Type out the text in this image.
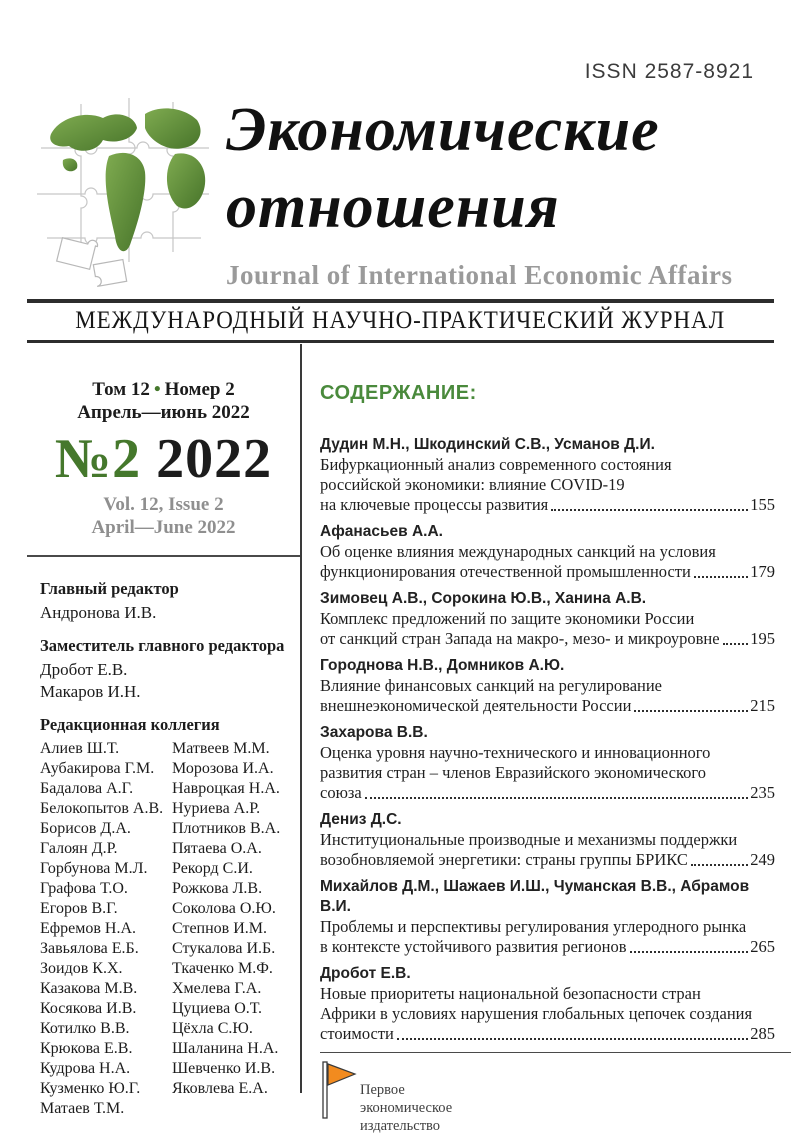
ISSN 2587-8921
Экономические
отношения
Journal of International Economic Affairs
МЕЖДУНАРОДНЫЙ НАУЧНО-ПРАКТИЧЕСКИЙ ЖУРНАЛ
Том 12 • Номер 2
Апрель—июнь 2022
№2 2022
Vol. 12, Issue 2
April—June 2022
Главный редактор
Андронова И.В.
Заместитель главного редактора
Дробот Е.В.
Макаров И.Н.
Редакционная коллегия
Алиев Ш.Т.
Аубакирова Г.М.
Бадалова А.Г.
Белокопытов А.В.
Борисов Д.А.
Галоян Д.Р.
Горбунова М.Л.
Графова Т.О.
Егоров В.Г.
Ефремов Н.А.
Завьялова Е.Б.
Зоидов К.Х.
Казакова М.В.
Косякова И.В.
Котилко В.В.
Крюкова Е.В.
Кудрова Н.А.
Кузменко Ю.Г.
Матаев Т.М.
Матвеев М.М.
Морозова И.А.
Навроцкая Н.А.
Нуриева А.Р.
Плотников В.А.
Пятаева О.А.
Рекорд С.И.
Рожкова Л.В.
Соколова О.Ю.
Степнов И.М.
Стукалова И.Б.
Ткаченко М.Ф.
Хмелева Г.А.
Цуциева О.Т.
Цёхла С.Ю.
Шаланина Н.А.
Шевченко И.В.
Яковлева Е.А.
СОДЕРЖАНИЕ:
Дудин М.Н., Шкодинский С.В., Усманов Д.И.
Бифуркационный анализ современного состояния
российской экономики: влияние COVID-19
на ключевые процессы развития	155
Афанасьев А.А.
Об оценке влияния международных санкций на условия
функционирования отечественной промышленности	179
Зимовец А.В., Сорокина Ю.В., Ханина А.В.
Комплекс предложений по защите экономики России
от санкций стран Запада на макро-, мезо- и микроуровне 195
Городнова Н.В., Домников А.Ю.
Влияние финансовых санкций на регулирование
внешнеэкономической деятельности России	215
Захарова В.В.
Оценка уровня научно-технического и инновационного
развития стран – членов Евразийского экономического
союза	235
Дениз Д.С.
Институциональные производные и механизмы поддержки
возобновляемой энергетики: страны группы БРИКС	249
Михайлов Д.М., Шажаев И.Ш., Чуманская В.В., Абрамов В.И.
Проблемы и перспективы регулирования углеродного рынка
в контексте устойчивого развития регионов	265
Дробот Е.В.
Новые приоритеты национальной безопасности стран
Африки в условиях нарушения глобальных цепочек создания
стоимости	285
Первое
экономическое
издательство
